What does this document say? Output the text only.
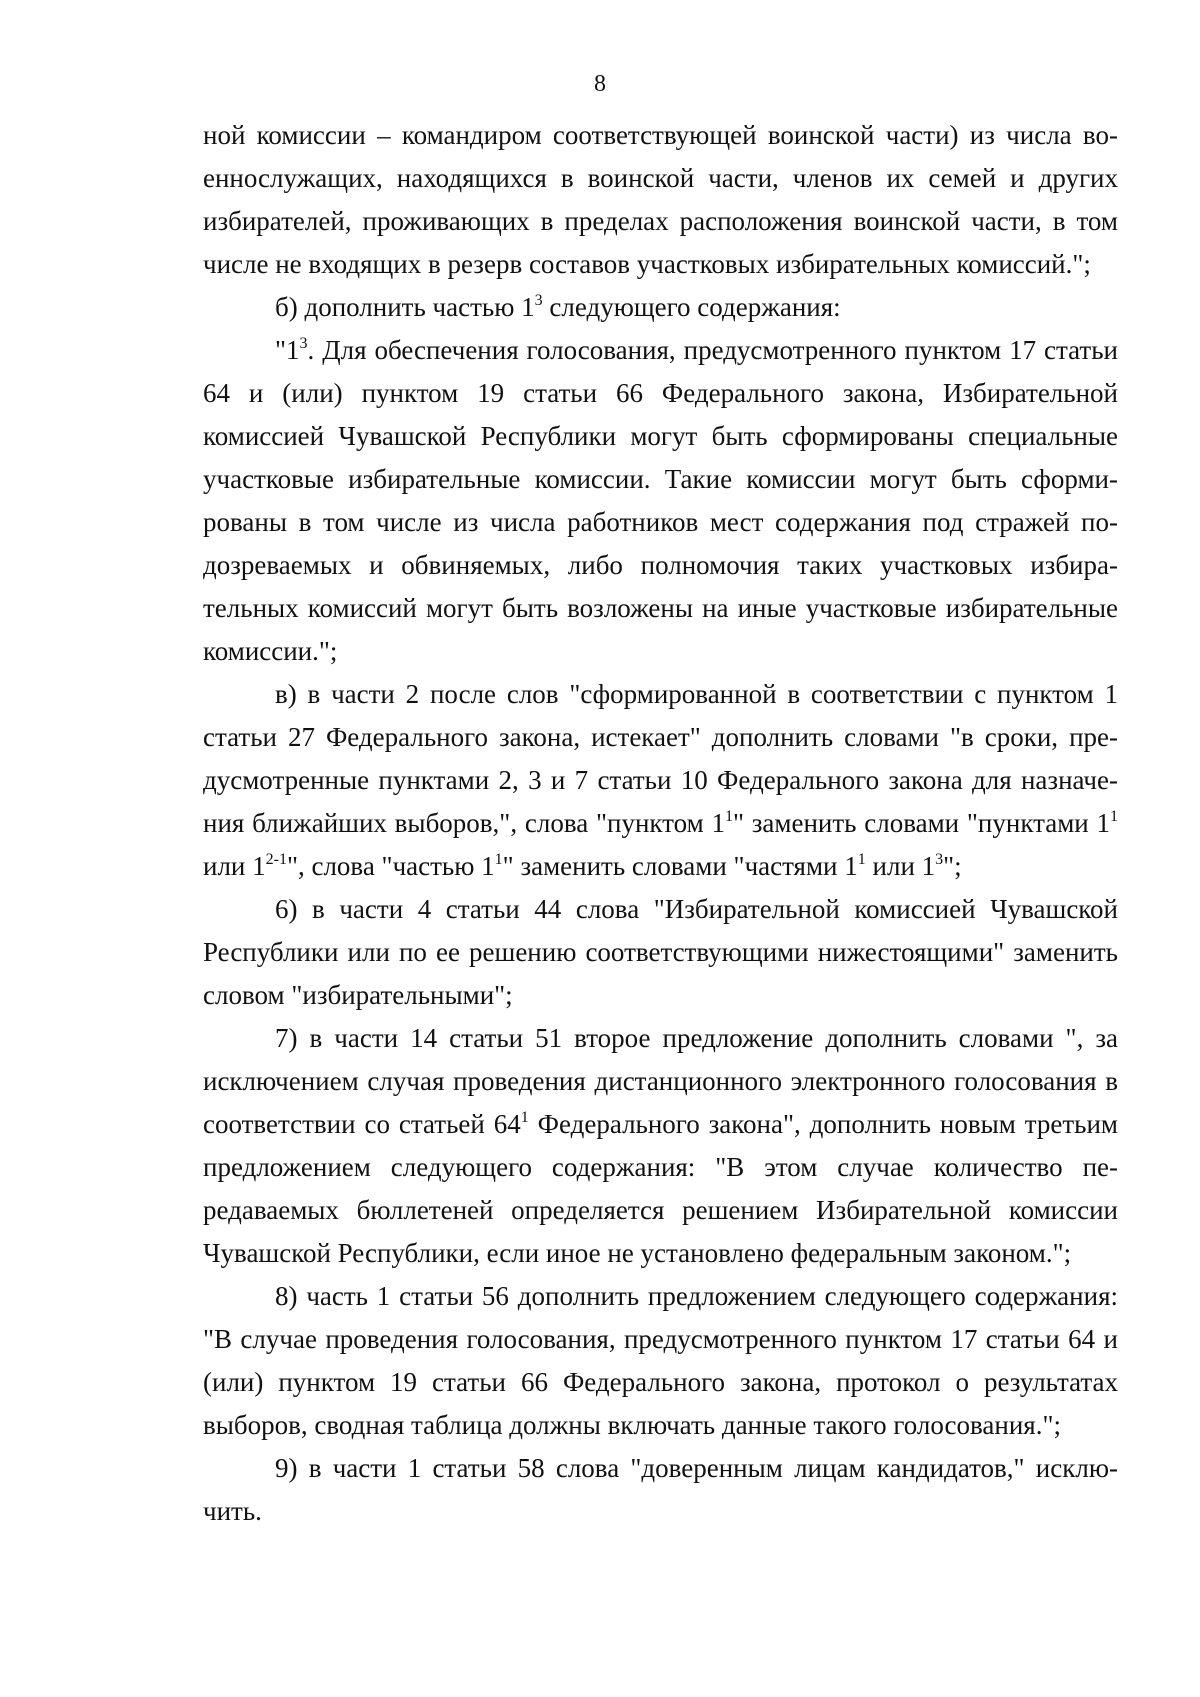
8

ной комиссии – командиром соответствующей воинской части) из числа военнослужащих, находящихся в воинской части, членов их семей и других избирателей, проживающих в пределах расположения воинской части, в том числе не входящих в резерв составов участковых избирательных комиссий.";

б) дополнить частью $1^3$ следующего содержания:

"$1^3$. Для обеспечения голосования, предусмотренного пунктом 17 статьи 64 и (или) пунктом 19 статьи 66 Федерального закона, Избирательной комиссией Чувашской Республики могут быть сформированы специальные участковые избирательные комиссии. Такие комиссии могут быть сформированы в том числе из числа работников мест содержания под стражей подозреваемых и обвиняемых, либо полномочия таких участковых избирательных комиссий могут быть возложены на иные участковые избирательные комиссии.";

в) в части 2 после слов "сформированной в соответствии с пунктом 1 статьи 27 Федерального закона, истекает" дополнить словами "в сроки, предусмотренные пунктами 2, 3 и 7 статьи 10 Федерального закона для назначения ближайших выборов,", слова "пунктом $1^1$" заменить словами "пунктами $1^1$ или 1$^{2-1}$", слова "частью $1^1$" заменить словами "частями $1^1$ или $1^3$";

6) в части 4 статьи 44 слова "Избирательной комиссией Чувашской Республики или по ее решению соответствующими нижестоящими" заменить словом "избирательными";

7) в части 14 статьи 51 второе предложение дополнить словами ", за исключением случая проведения дистанционного электронного голосования в соответствии со статьей $64^1$ Федерального закона", дополнить новым третьим предложением следующего содержания: "В этом случае количество передаваемых бюллетеней определяется решением Избирательной комиссии Чувашской Республики, если иное не установлено федеральным законом.";

8) часть 1 статьи 56 дополнить предложением следующего содержания: "В случае проведения голосования, предусмотренного пунктом 17 статьи 64 и (или) пунктом 19 статьи 66 Федерального закона, протокол о результатах выборов, сводная таблица должны включать данные такого голосования.";

9) в части 1 статьи 58 слова "доверенным лицам кандидатов," исключить.
